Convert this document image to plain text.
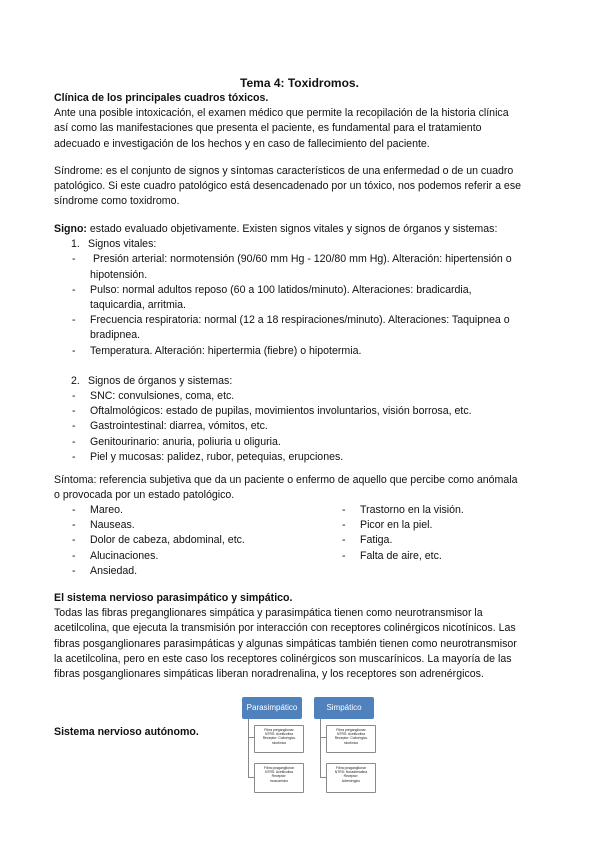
Tema 4: Toxidromos.
Clínica de los principales cuadros tóxicos.
Ante una posible intoxicación, el examen médico que permite la recopilación de la historia clínica
así como las manifestaciones que presenta el paciente, es fundamental para el tratamiento
adecuado e investigación de los hechos y en caso de fallecimiento del paciente.
Síndrome: es el conjunto de signos y síntomas característicos de una enfermedad o de un cuadro
patológico. Si este cuadro patológico está desencadenado por un tóxico, nos podemos referir a ese
síndrome como toxidromo.
Signo: estado evaluado objetivamente. Existen signos vitales y signos de órganos y sistemas:
1. Signos vitales:
- Presión arterial: normotensión (90/60 mm Hg - 120/80 mm Hg). Alteración: hipertensión o
hipotensión.
- Pulso: normal adultos reposo (60 a 100 latidos/minuto). Alteraciones: bradicardia,
taquicardia, arritmia.
- Frecuencia respiratoria: normal (12 a 18 respiraciones/minuto). Alteraciones: Taquipnea o
bradipnea.
- Temperatura. Alteración: hipertermia (fiebre) o hipotermia.
2. Signos de órganos y sistemas:
- SNC: convulsiones, coma, etc.
- Oftalmológicos: estado de pupilas, movimientos involuntarios, visión borrosa, etc.
- Gastrointestinal: diarrea, vómitos, etc.
- Genitourinario: anuria, poliuria u oliguria.
- Piel y mucosas: palidez, rubor, petequias, erupciones.
Síntoma: referencia subjetiva que da un paciente o enfermo de aquello que percibe como anómala
o provocada por un estado patológico.
- Mareo.
- Nauseas.
- Dolor de cabeza, abdominal, etc.
- Alucinaciones.
- Ansiedad.
- Trastorno en la visión.
- Picor en la piel.
- Fatiga.
- Falta de aire, etc.
El sistema nervioso parasimpático y simpático.
Todas las fibras preganglionares simpática y parasimpática tienen como neurotransmisor la
acetilcolina, que ejecuta la transmisión por interacción con receptores colinérgicos nicotínicos. Las
fibras posganglionares parasimpáticas y algunas simpáticas también tienen como neurotransmisor
la acetilcolina, pero en este caso los receptores colinérgicos son muscarínicos. La mayoría de las
fibras posganglionares simpáticas liberan noradrenalina, y los receptores son adrenérgicos.
Sistema nervioso autónomo.
Parasimpático	Simpático
Fibra preganglionar
NTRS: Acetilcolina
Receptor: Colinérgico
nicotínico
Fibra posganglionar
NTRS: Acetilcolina
Receptor:
muscarínico
Fibra preganglionar
NTRS: Acetilcolina
Receptor: Colinérgico
nicotínico
Fibra posganglionar
NTRS: Noradrenalina
Receptor:
Adrenérgico
